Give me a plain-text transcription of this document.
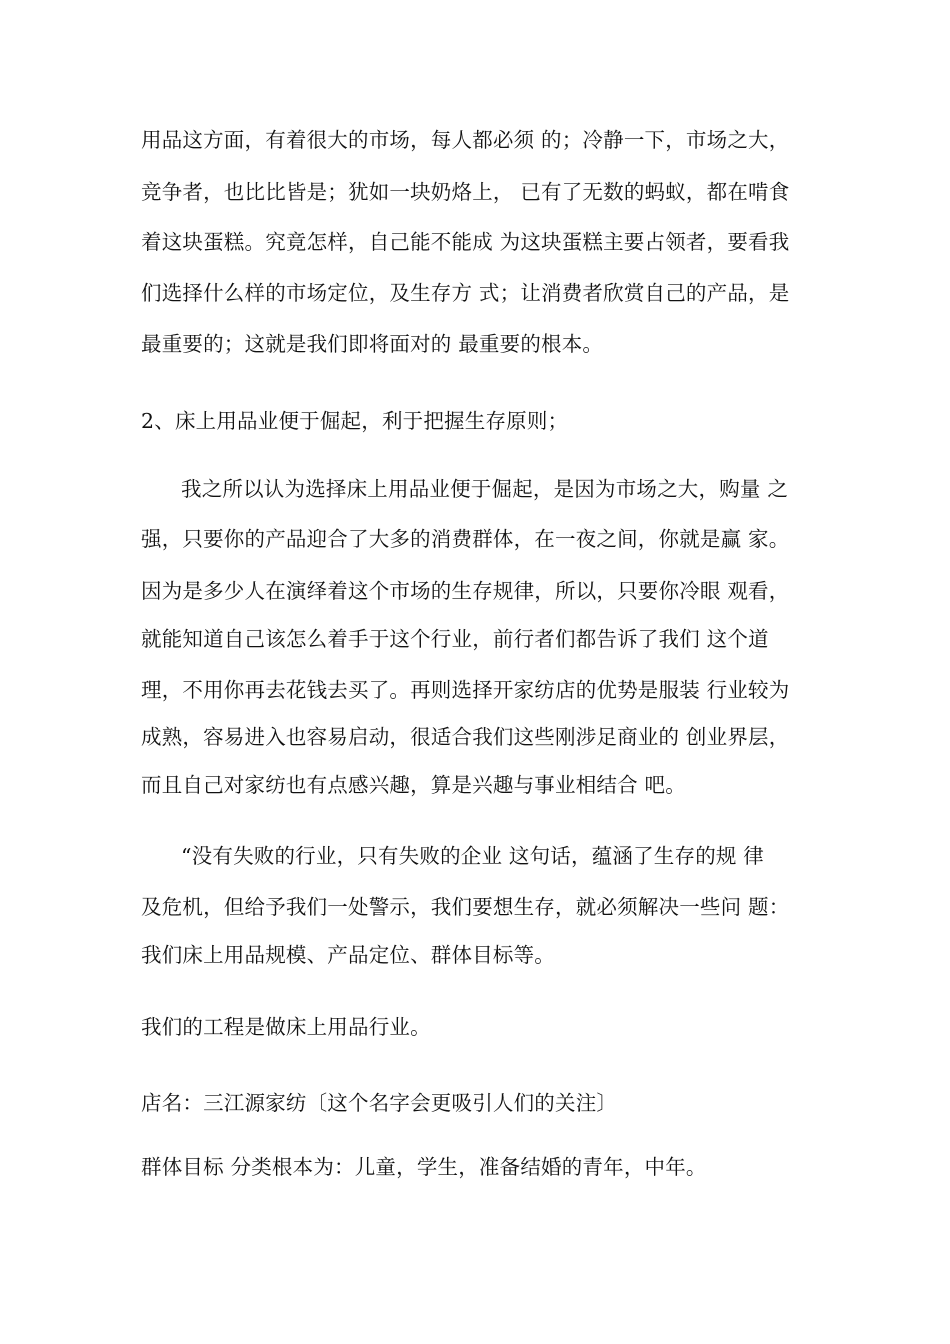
用品这方面，有着很大的市场，每人都必须 的；冷静一下，市场之大，
竞争者，也比比皆是；犹如一块奶烙上， 已有了无数的蚂蚁，都在啃食
着这块蛋糕。究竟怎样，自己能不能成 为这块蛋糕主要占领者，要看我
们选择什么样的市场定位，及生存方 式；让消费者欣赏自己的产品，是
最重要的；这就是我们即将面对的 最重要的根本。
2、床上用品业便于倔起，利于把握生存原则；
我之所以认为选择床上用品业便于倔起，是因为市场之大，购量 之
强，只要你的产品迎合了大多的消费群体，在一夜之间，你就是赢 家。
因为是多少人在演绎着这个市场的生存规律，所以，只要你冷眼 观看，
就能知道自己该怎么着手于这个行业，前行者们都告诉了我们 这个道
理，不用你再去花钱去买了。再则选择开家纺店的优势是服装 行业较为
成熟，容易进入也容易启动，很适合我们这些刚涉足商业的 创业界层，
而且自己对家纺也有点感兴趣，算是兴趣与事业相结合 吧。
“没有失败的行业，只有失败的企业 这句话，蕴涵了生存的规 律
及危机，但给予我们一处警示，我们要想生存，就必须解决一些问 题：
我们床上用品规模、产品定位、群体目标等。
我们的工程是做床上用品行业。
店名：三江源家纺〔这个名字会更吸引人们的关注〕
群体目标 分类根本为：儿童，学生，准备结婚的青年，中年。
